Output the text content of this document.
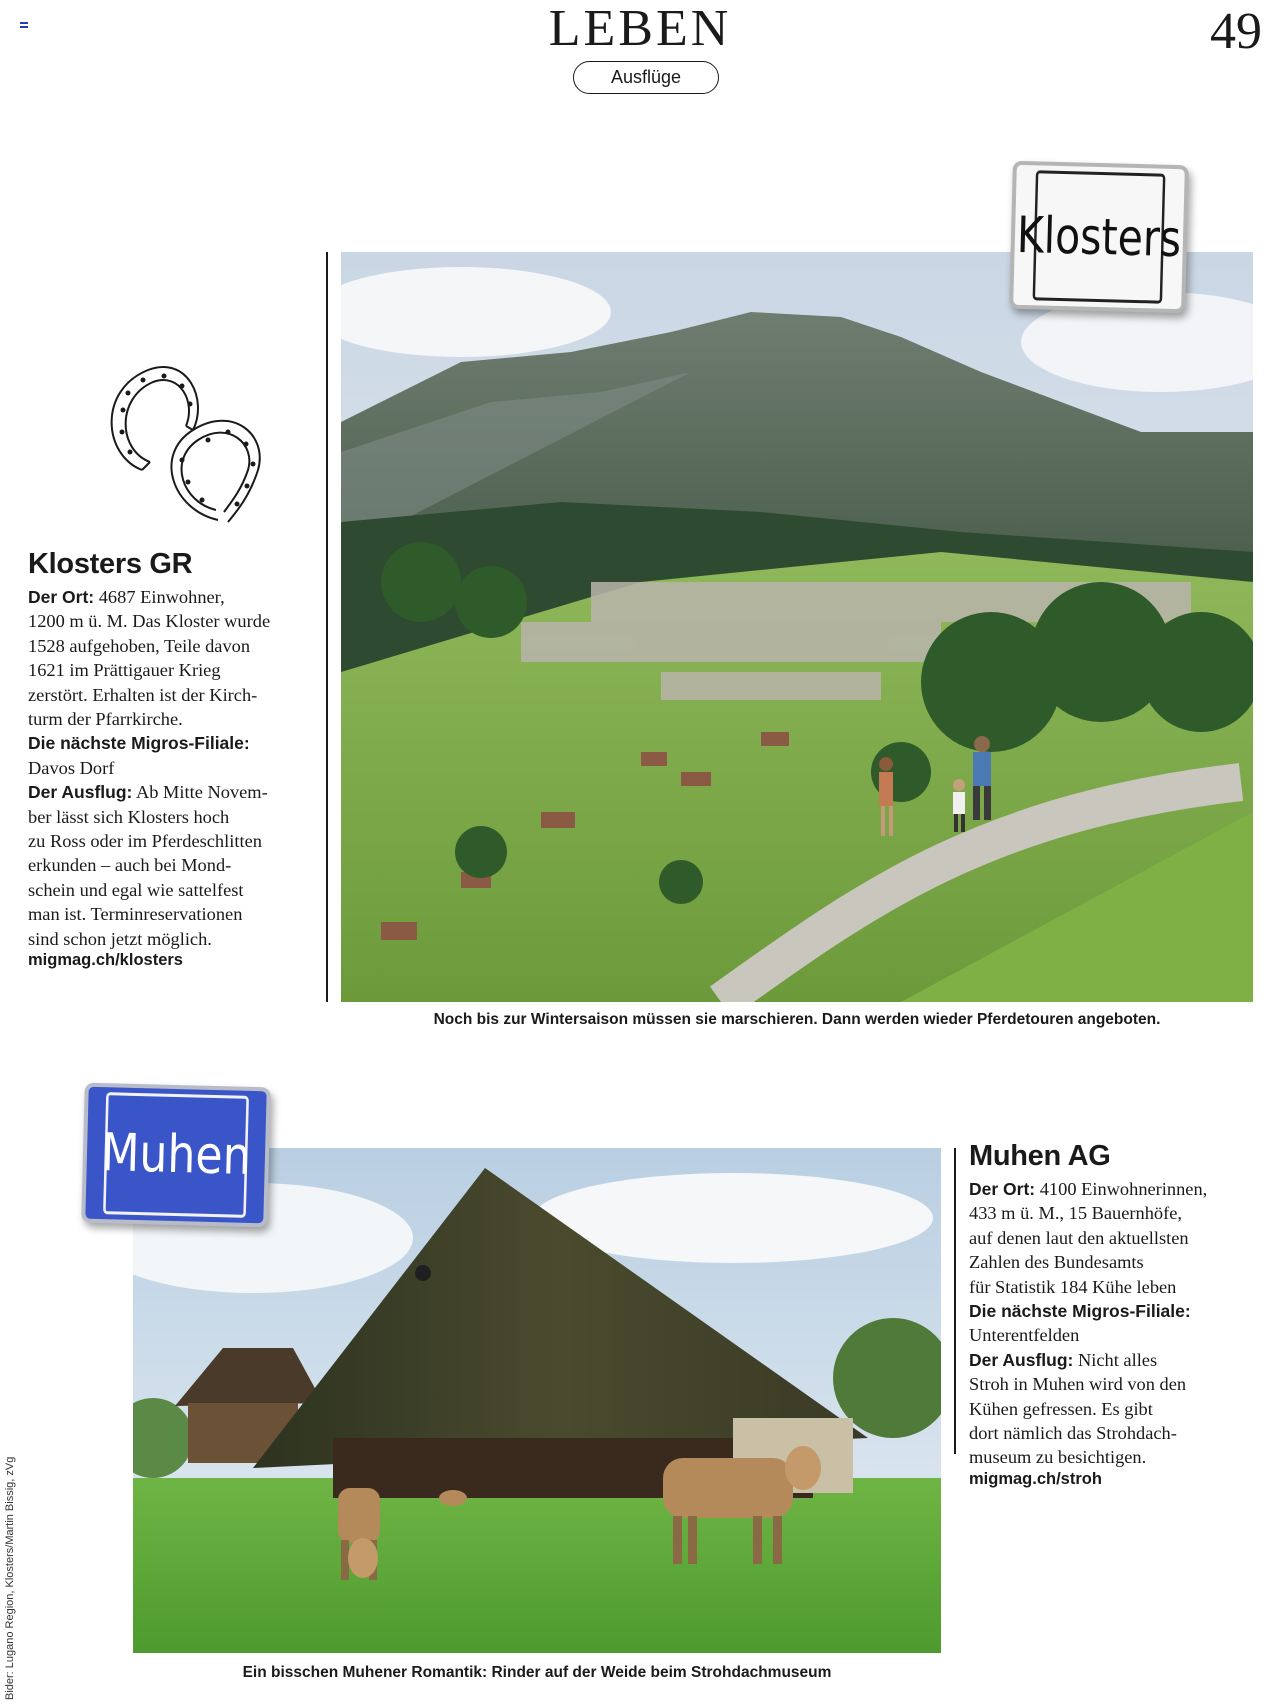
LEBEN
Ausflüge
49
Klosters GR

Der Ort: 4687 Einwohner,
1200 m ü. M. Das Kloster wurde
1528 aufgehoben, Teile davon
1621 im Prättigauer Krieg
zerstört. Erhalten ist der Kirch-
turm der Pfarrkirche.
Die nächste Migros-Filiale:
Davos Dorf
Der Ausflug: Ab Mitte Novem-
ber lässt sich Klosters hoch
zu Ross oder im Pferdeschlitten
erkunden – auch bei Mond-
schein und egal wie sattelfest
man ist. Terminreservationen
sind schon jetzt möglich.

migmag.ch/klosters
Klosters
Noch bis zur Wintersaison müssen sie marschieren. Dann werden wieder Pferdetouren angeboten.
Muhen	Muhen AG

Der Ort: 4100 Einwohnerinnen,
433 m ü. M., 15 Bauernhöfe,
auf denen laut den aktuellsten
Zahlen des Bundesamts
für Statistik 184 Kühe leben
Die nächste Migros-Filiale:
Unterentfelden
Der Ausflug: Nicht alles
Stroh in Muhen wird von den
Kühen gefressen. Es gibt
dort nämlich das Strohdach-
museum zu besichtigen.

migmag.ch/stroh
Ein bisschen Muhener Romantik: Rinder auf der Weide beim Strohdachmuseum
Bider: Lugano Region, Klosters/Martin Bissig, zVg
